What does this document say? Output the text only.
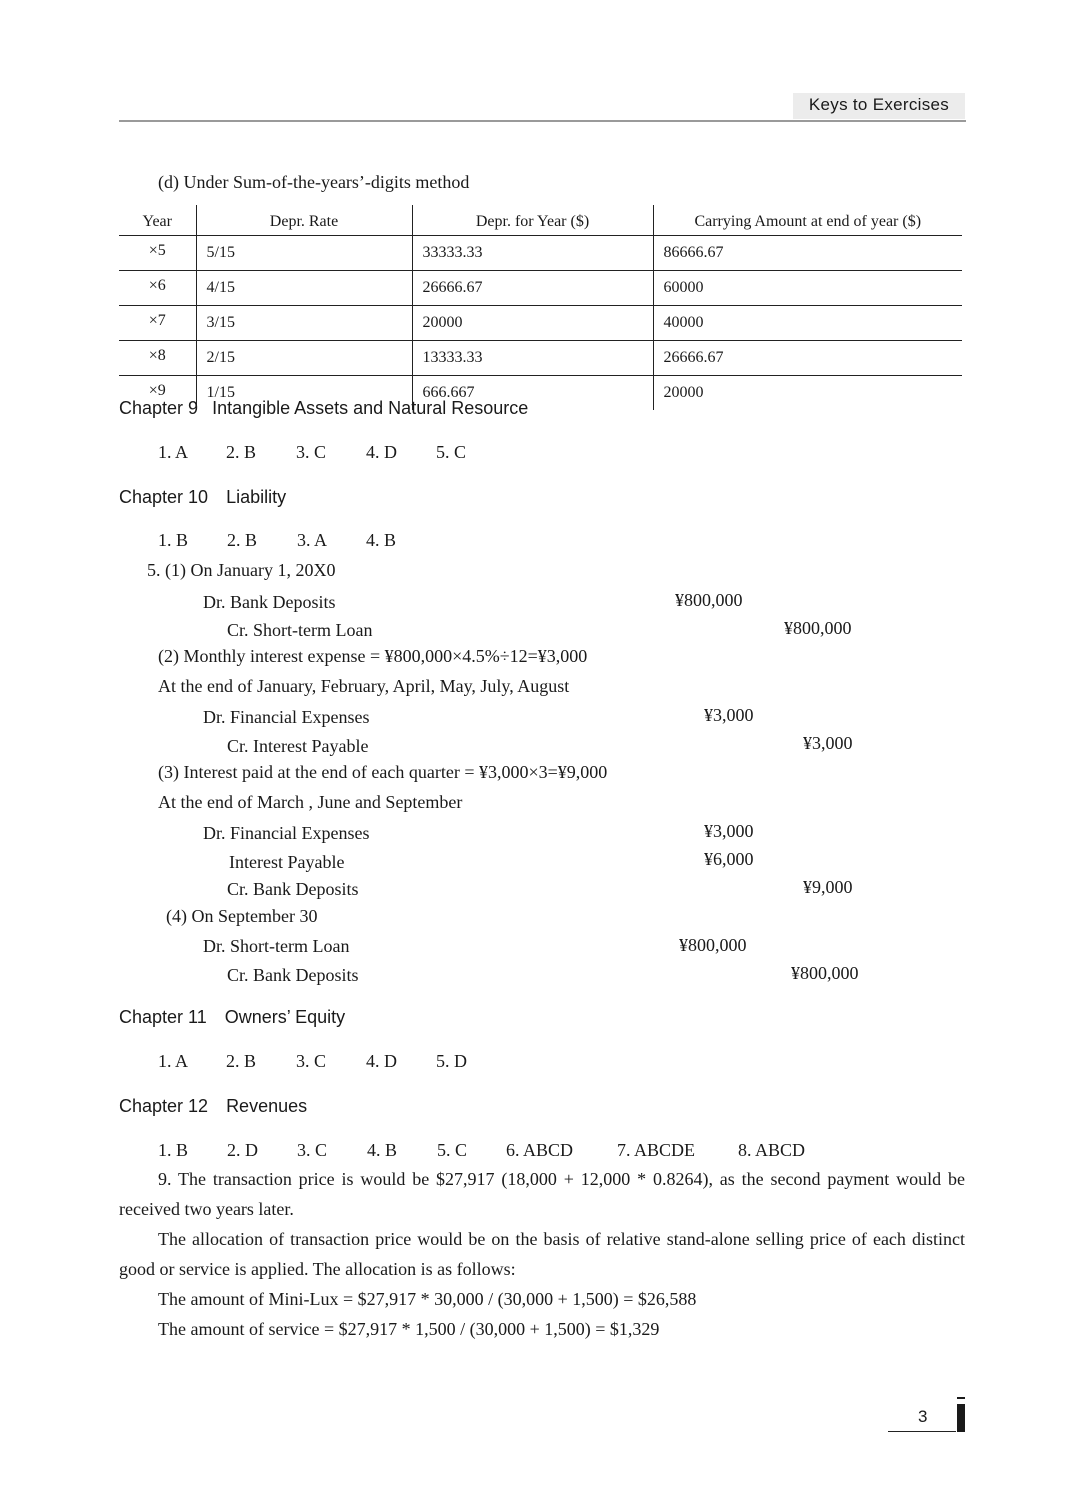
Keys to Exercises
(d) Under Sum-of-the-years’-digits method
Year	Depr. Rate	Depr. for Year ($)	Carrying Amount at end of year ($)
×5	5/15	33333.33	86666.67
×6	4/15	26666.67	60000
×7	3/15	20000	40000
×8	2/15	13333.33	26666.67
×9	1/15	666.667	20000
Chapter 9 Intangible Assets and Natural Resource
1. A 2. B 3. C 4. D 5. C
Chapter 10 Liability
1. B 2. B 3. A 4. B
5. (1) On January 1, 20X0
Dr. Bank Deposits	¥800,000
Cr. Short-term Loan	¥800,000
(2) Monthly interest expense = ¥800,000×4.5%÷12=¥3,000
At the end of January, February, April, May, July, August
Dr. Financial Expenses	¥3,000
Cr. Interest Payable	¥3,000
(3) Interest paid at the end of each quarter = ¥3,000×3=¥9,000
At the end of March , June and September
Dr. Financial Expenses	¥3,000
Interest Payable	¥6,000
Cr. Bank Deposits	¥9,000
(4) On September 30
Dr. Short-term Loan	¥800,000
Cr. Bank Deposits	¥800,000
Chapter 11 Owners’ Equity
1. A 2. B 3. C 4. D 5. D
Chapter 12 Revenues
1. B 2. D 3. C 4. B 5. C 6. ABCD 7. ABCDE 8. ABCD
9. The transaction price is would be $27,917 (18,000 + 12,000 * 0.8264), as the second payment would be received two years later.
The allocation of transaction price would be on the basis of relative stand-alone selling price of each distinct good or service is applied. The allocation is as follows:
The amount of Mini-Lux = $27,917 * 30,000 / (30,000 + 1,500) = $26,588
The amount of service = $27,917 * 1,500 / (30,000 + 1,500) = $1,329
3
